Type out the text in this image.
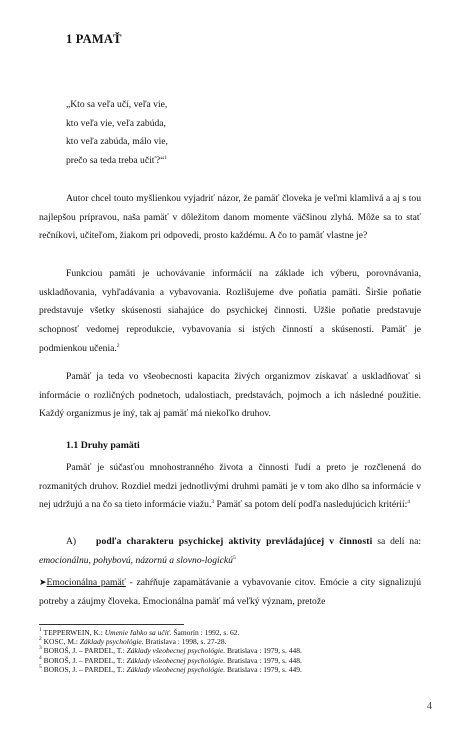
1 PAMAŤ
„Kto sa veľa učí, veľa vie,
kto veľa vie, veľa zabúda,
kto veľa zabúda, málo vie,
prečo sa teda treba učiť?“$^1$

Autor chcel touto myšlienkou vyjadriť názor, že pamäť človeka je veľmi klamlivá a aj s tou najlepšou prípravou, naša pamäť v dôležitom danom momente väčšinou zlyhá. Môže sa to stať rečníkovi, učiteľom, žiakom pri odpovedi, prosto každému. A čo to pamäť vlastne je?

Funkciou pamäti je uchovávanie informácií na základe ich výberu, porovnávania, uskladňovania, vyhľadávania a vybavovania. Rozlišujeme dve poňatia pamäti. Širšie poňatie predstavuje všetky skúsenosti siahajúce do psychickej činnosti. Užšie poňatie predstavuje schopnosť vedomej reprodukcie, vybavovania si istých činností a skúseností. Pamäť je podmienkou učenia.$^2$

Pamäť ja teda vo všeobecnosti kapacita živých organizmov získavať a uskladňovať si informácie o rozličných podnetoch, udalostiach, predstavách, pojmoch a ich následné použitie. Každý organizmus je iný, tak aj pamäť má niekoľko druhov.

1.1 Druhy pamäti

Pamäť je súčasťou mnohostranného života a činnosti ľudí a preto je rozčlenená do rozmanitých druhov. Rozdiel medzi jednotlivými druhmi pamäti je v tom ako dlho sa informácie v nej udržujú a na čo sa tieto informácie viažu.$^3$ Pamäť sa potom delí podľa nasledujúcich kritérií:$^4$

A) podľa charakteru psychickej aktivity prevládajúcej v činnosti sa delí na: emocionálnu, pohybovú, názornú a slovno-logickú$^5$

➤Emocionálna pamäť - zahŕňuje zapamätávanie a vybavovanie citov. Emócie a city signalizujú potreby a záujmy človeka. Emocionálna pamäť má veľký význam, pretože

$^1$ TEPPERWEIN, K.: Umenie ľahko sa učiť. Šamorín : 1992, s. 62.
$^2$ KOSC, M.: Základy psychológie. Bratislava : 1998, s. 27-28.
$^3$ BOROŠ, J. – PARDEL, T.: Základy všeobecnej psychológie. Bratislava : 1979, s. 448.
$^4$ BOROŠ, J. – PARDEL, T.: Základy všeobecnej psychológie. Bratislava : 1979, s. 448.
$^5$ BOROS, J. – PARDEL, T.: Základy všeobecnej psychológie. Bratislava : 1979, s. 449.
4
